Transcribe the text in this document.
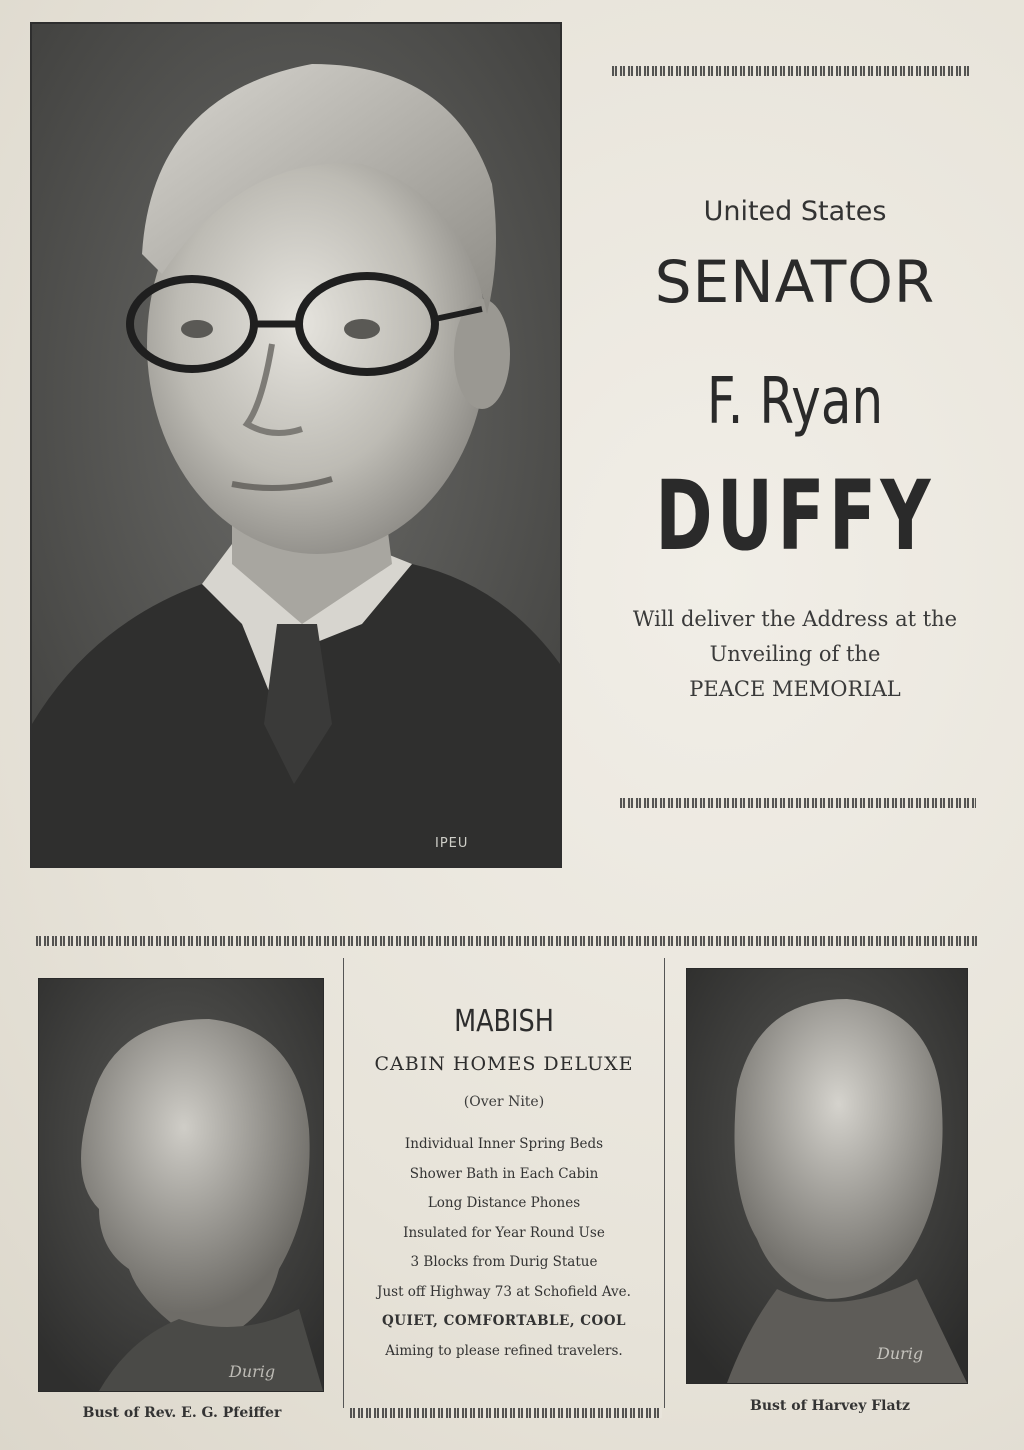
IPEU
United States
SENATOR
F. Ryan
DUFFY
Will deliver the Address at the
Unveiling of the
PEACE MEMORIAL
Durig
Bust of Rev. E. G. Pfeiffer
Durig
Bust of Harvey Flatz
MABISH
CABIN HOMES DELUXE
(Over Nite)
Individual Inner Spring Beds
Shower Bath in Each Cabin
Long Distance Phones
Insulated for Year Round Use
3 Blocks from Durig Statue
Just off Highway 73 at Schofield Ave.
QUIET, COMFORTABLE, COOL
Aiming to please refined travelers.
